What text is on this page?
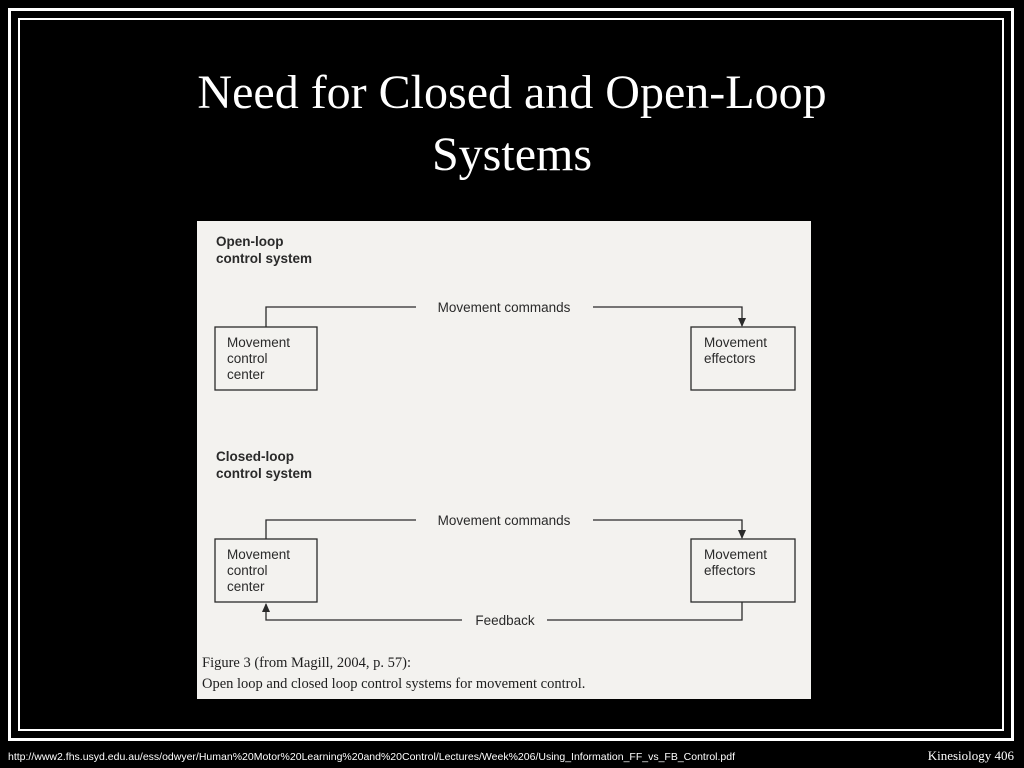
Need for Closed and Open-Loop
Systems
Open-loop
control system
Movement
control
center
Movement
effectors
Movement commands
Closed-loop
control system
Movement
control
center
Movement
effectors
Movement commands
Feedback
Figure 3 (from Magill, 2004, p. 57):
Open loop and closed loop control systems for movement control.
http://www2.fhs.usyd.edu.au/ess/odwyer/Human%20Motor%20Learning%20and%20Control/Lectures/Week%206/Using_Information_FF_vs_FB_Control.pdf	Kinesiology 406
